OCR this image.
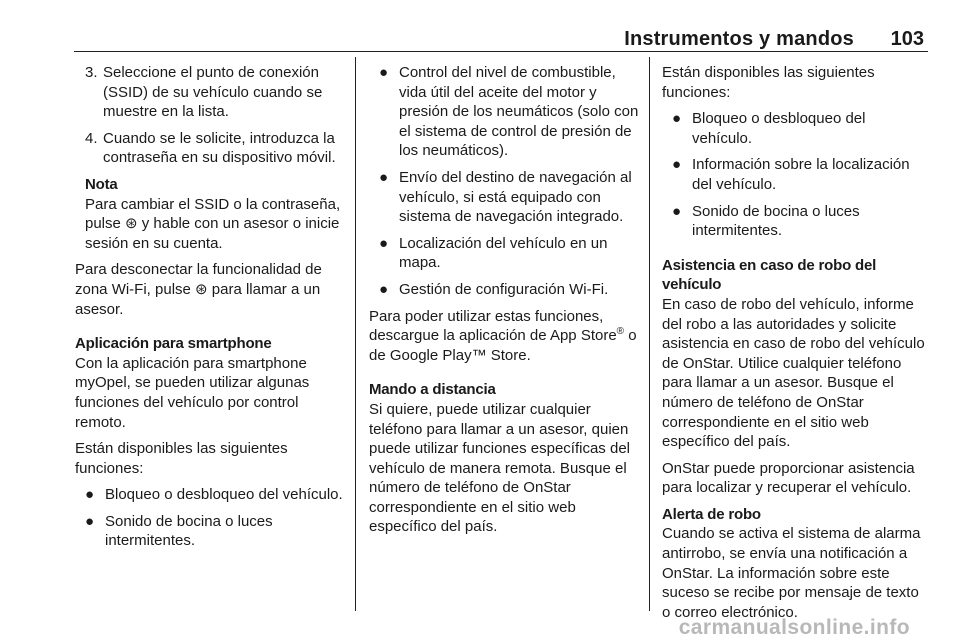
Instrumentos y mandos 103
3. Seleccione el punto de conexión (SSID) de su vehículo cuando se muestre en la lista.
4. Cuando se le solicite, introduzca la contraseña en su dispositivo móvil.

Nota

Para cambiar el SSID o la contraseña, pulse ⊛ y hable con un asesor o inicie sesión en su cuenta.

Para desconectar la funcionalidad de zona Wi-Fi, pulse ⊛ para llamar a un asesor.

Aplicación para smartphone

Con la aplicación para smartphone myOpel, se pueden utilizar algunas funciones del vehículo por control remoto.

Están disponibles las siguientes funciones:

● Bloqueo o desbloqueo del vehículo.
● Sonido de bocina o luces intermitentes.
● Control del nivel de combustible, vida útil del aceite del motor y presión de los neumáticos (solo con el sistema de control de presión de los neumáticos).
● Envío del destino de navegación al vehículo, si está equipado con sistema de navegación integrado.
● Localización del vehículo en un mapa.
● Gestión de configuración Wi-Fi.

Para poder utilizar estas funciones, descargue la aplicación de App Store® o de Google Play™ Store.

Mando a distancia

Si quiere, puede utilizar cualquier teléfono para llamar a un asesor, quien puede utilizar funciones específicas del vehículo de manera remota. Busque el número de teléfono de OnStar correspondiente en el sitio web específico del país.

Están disponibles las siguientes funciones:

● Bloqueo o desbloqueo del vehículo.
● Información sobre la localización del vehículo.
● Sonido de bocina o luces intermitentes.

Asistencia en caso de robo del vehículo

En caso de robo del vehículo, informe del robo a las autoridades y solicite asistencia en caso de robo del vehículo de OnStar. Utilice cualquier teléfono para llamar a un asesor. Busque el número de teléfono de OnStar correspondiente en el sitio web específico del país.

OnStar puede proporcionar asistencia para localizar y recuperar el vehículo.

Alerta de robo

Cuando se activa el sistema de alarma antirrobo, se envía una notificación a OnStar. La información sobre este suceso se recibe por mensaje de texto o correo electrónico.

carmanualsonline.info
